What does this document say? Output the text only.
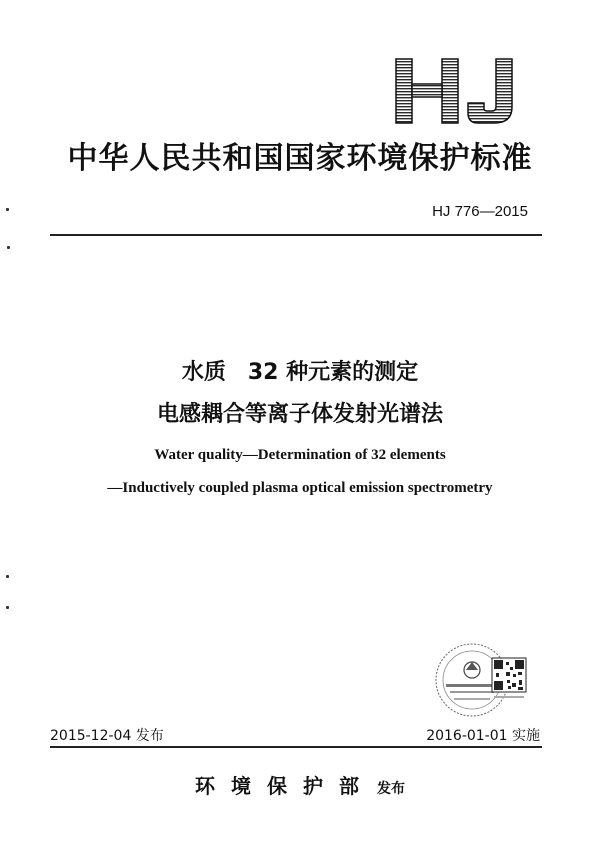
中华人民共和国国家环境保护标准
HJ 776—2015
水质　32 种元素的测定
电感耦合等离子体发射光谱法
Water quality—Determination of 32 elements
—Inductively coupled plasma optical emission spectrometry
2015-12-04 发布	2016-01-01 实施
环境保护部 发布
